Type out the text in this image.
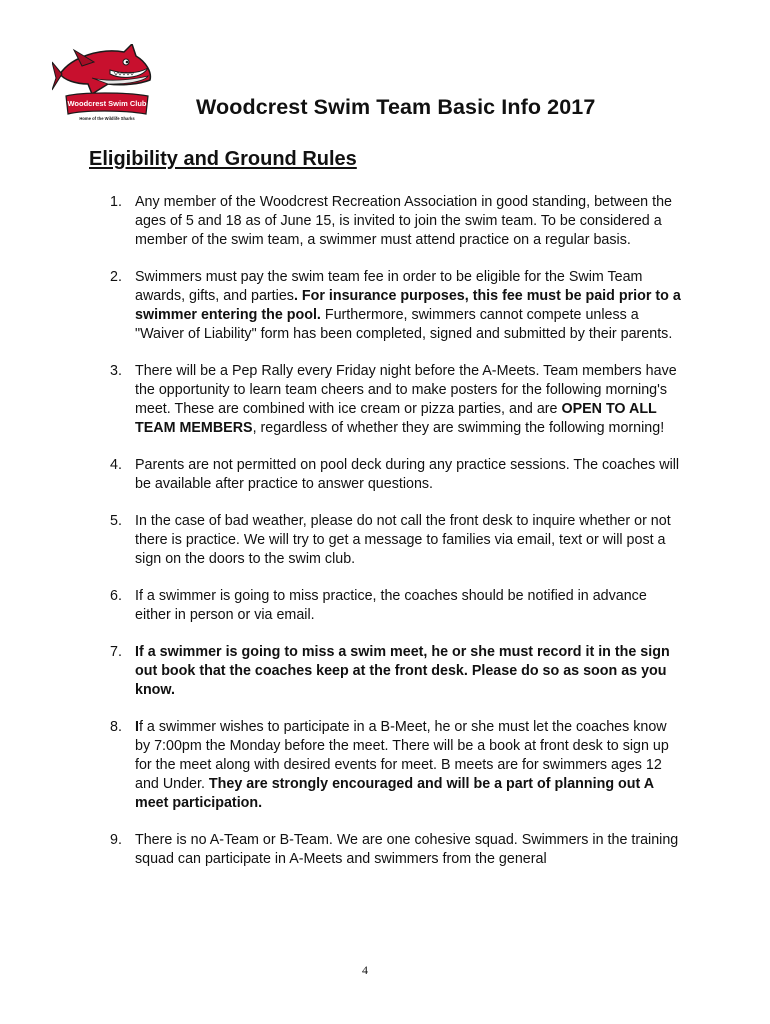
Woodcrest Swim Club
Home of the Wildlife Sharks	Woodcrest Swim Team Basic Info 2017
Eligibility and Ground Rules
1. Any member of the Woodcrest Recreation Association in good standing, between the ages of 5 and 18 as of June 15, is invited to join the swim team. To be considered a member of the swim team, a swimmer must attend practice on a regular basis.
2. Swimmers must pay the swim team fee in order to be eligible for the Swim Team awards, gifts, and parties. For insurance purposes, this fee must be paid prior to a swimmer entering the pool. Furthermore, swimmers cannot compete unless a "Waiver of Liability" form has been completed, signed and submitted by their parents.
3. There will be a Pep Rally every Friday night before the A-Meets. Team members have the opportunity to learn team cheers and to make posters for the following morning's meet. These are combined with ice cream or pizza parties, and are OPEN TO ALL TEAM MEMBERS, regardless of whether they are swimming the following morning!
4. Parents are not permitted on pool deck during any practice sessions. The coaches will be available after practice to answer questions.
5. In the case of bad weather, please do not call the front desk to inquire whether or not there is practice. We will try to get a message to families via email, text or will post a sign on the doors to the swim club.
6. If a swimmer is going to miss practice, the coaches should be notified in advance either in person or via email.
7. If a swimmer is going to miss a swim meet, he or she must record it in the sign out book that the coaches keep at the front desk. Please do so as soon as you know.
8. If a swimmer wishes to participate in a B-Meet, he or she must let the coaches know by 7:00pm the Monday before the meet. There will be a book at front desk to sign up for the meet along with desired events for meet. B meets are for swimmers ages 12 and Under. They are strongly encouraged and will be a part of planning out A meet participation.
9. There is no A-Team or B-Team. We are one cohesive squad. Swimmers in the training squad can participate in A-Meets and swimmers from the general
4
